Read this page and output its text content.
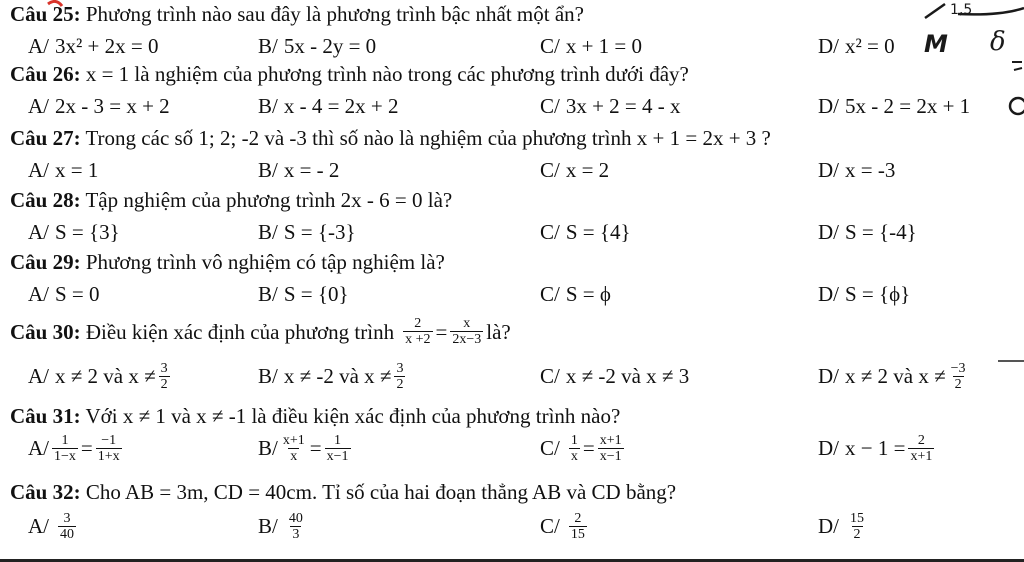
1,5
M δ
Câu 25: Phương trình nào sau đây là phương trình bậc nhất một ẩn?
A/ 3x² + 2x = 0	B/ 5x - 2y = 0	C/ x + 1 = 0	D/ x² = 0
Câu 26: x = 1 là nghiệm của phương trình nào trong các phương trình dưới đây?
A/ 2x - 3 = x + 2	B/ x - 4 = 2x + 2	C/ 3x + 2 = 4 - x	D/ 5x - 2 = 2x + 1
Câu 27: Trong các số 1; 2; -2 và -3 thì số nào là nghiệm của phương trình x + 1 = 2x + 3 ?
A/ x = 1	B/ x = - 2	C/ x = 2	D/ x = -3
Câu 28: Tập nghiệm của phương trình 2x - 6 = 0 là?
A/ S = {3}	B/ S = {-3}	C/ S = {4}	D/ S = {-4}
Câu 29: Phương trình vô nghiệm có tập nghiệm là?
A/ S = 0	B/ S = {0}	C/ S = ϕ	D/ S = {ϕ}
Câu 30:
Điều kiện xác định của phương trình $\frac{2}{x +2} = \frac{x}{2x-3}$ là?
A/ x ≠ 2 và $x \ne \frac{3}{2}$	B/ x ≠ -2 và $x \ne \frac{3}{2}$	C/ x ≠ -2 và x ≠ 3	D/ x ≠ 2 và $x \ne \frac{-3}{2}$
Câu 31: Với x ≠ 1 và x ≠ -1 là điều kiện xác định của phương trình nào?
$A/ \frac{1}{1-x} = \frac{-1}{1+x}$	$B/ \frac{x+1}{x} = \frac{1}{x-1}$	$C/ \frac{1}{x} = \frac{x+1}{x-1}$	D/ $x - 1 = \frac{2}{x+1}$
Câu 32: Cho AB = 3m, CD = 40cm. Tỉ số của hai đoạn thẳng AB và CD bằng?
$A/ \frac{3}{40}$	$B/ \frac{40}{3}$	$C/ \frac{2}{15}$	$D/ \frac{15}{2}$
